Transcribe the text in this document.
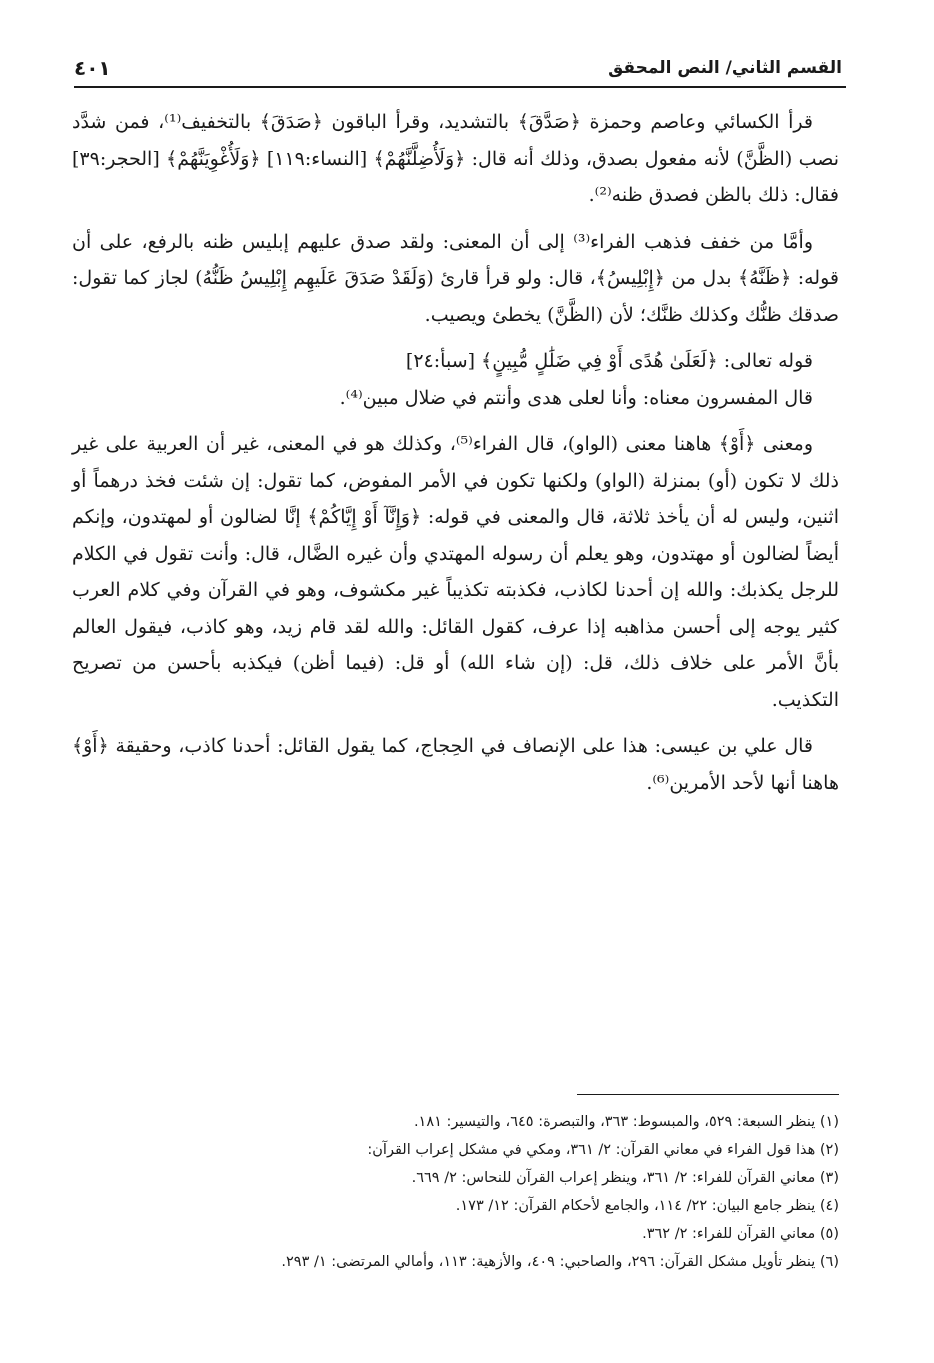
القسم الثاني/ النص المحقق
٤٠١

قرأ الكسائي وعاصم وحمزة ﴿صَدَّقَ﴾ بالتشديد، وقرأ الباقون ﴿صَدَقَ﴾ بالتخفيف⁽¹⁾، فمن شدَّد نصب (الظَّنَّ) لأنه مفعول بصدق، وذلك أنه قال: ﴿وَلَأُضِلَّنَّهُمْ﴾ [النساء:١١٩] ﴿وَلَأُغْوِيَنَّهُمْ﴾ [الحجر:٣٩] فقال: ذلك بالظن فصدق ظنه⁽²⁾.

وأمَّا من خفف فذهب الفراء⁽³⁾ إلى أن المعنى: ولقد صدق عليهم إبليس ظنه بالرفع، على أن قوله: ﴿ظَنَّهُ﴾ بدل من ﴿إِبْلِيسُ﴾، قال: ولو قرأ قارئ (وَلَقَدْ صَدَقَ عَلَيهِم إِبْلِيسُ ظَنُّهُ) لجاز كما تقول: صدقك ظنُّك وكذلك ظنَّك؛ لأن (الظَّنَّ) يخطئ ويصيب.

قوله تعالى: ﴿لَعَلَىٰ هُدًى أَوْ فِي ضَلَٰلٍ مُّبِينٍ﴾ [سبأ:٢٤]

قال المفسرون معناه: وأنا لعلى هدى وأنتم في ضلال مبين⁽⁴⁾.

ومعنى ﴿أَوْ﴾ هاهنا معنى (الواو)، قال الفراء⁽⁵⁾، وكذلك هو في المعنى، غير أن العربية على غير ذلك لا تكون (أو) بمنزلة (الواو) ولكنها تكون في الأمر المفوض، كما تقول: إن شئت فخذ درهماً أو اثنين، وليس له أن يأخذ ثلاثة، قال والمعنى في قوله: ﴿وَإِنَّآ أَوْ إِيَّاكُمْ﴾ إنَّا لضالون أو لمهتدون، وإنكم أيضاً لضالون أو مهتدون، وهو يعلم أن رسوله المهتدي وأن غيره الضَّال، قال: وأنت تقول في الكلام للرجل يكذبك: والله إن أحدنا لكاذب، فكذبته تكذيباً غير مكشوف، وهو في القرآن وفي كلام العرب كثير يوجه إلى أحسن مذاهبه إذا عرف، كقول القائل: والله لقد قام زيد، وهو كاذب، فيقول العالم بأنَّ الأمر على خلاف ذلك، قل: (إن شاء الله) أو قل: (فيما أظن) فيكذبه بأحسن من تصريح التكذيب.

قال علي بن عيسى: هذا على الإنصاف في الحِجاج، كما يقول القائل: أحدنا كاذب، وحقيقة ﴿أَوْ﴾ هاهنا أنها لأحد الأمرين⁽⁶⁾.

(١) ينظر السبعة: ٥٢٩، والمبسوط: ٣٦٣، والتبصرة: ٦٤٥، والتيسير: ١٨١.
(٢) هذا قول الفراء في معاني القرآن: ٢/ ٣٦١، ومكي في مشكل إعراب القرآن:
(٣) معاني القرآن للفراء: ٢/ ٣٦١، وينظر إعراب القرآن للنحاس: ٢/ ٦٦٩.
(٤) ينظر جامع البيان: ٢٢/ ١١٤، والجامع لأحكام القرآن: ١٢/ ١٧٣.
(٥) معاني القرآن للفراء: ٢/ ٣٦٢.
(٦) ينظر تأويل مشكل القرآن: ٢٩٦، والصاحبي: ٤٠٩، والأزهية: ١١٣، وأمالي المرتضى: ١/ ٢٩٣.
